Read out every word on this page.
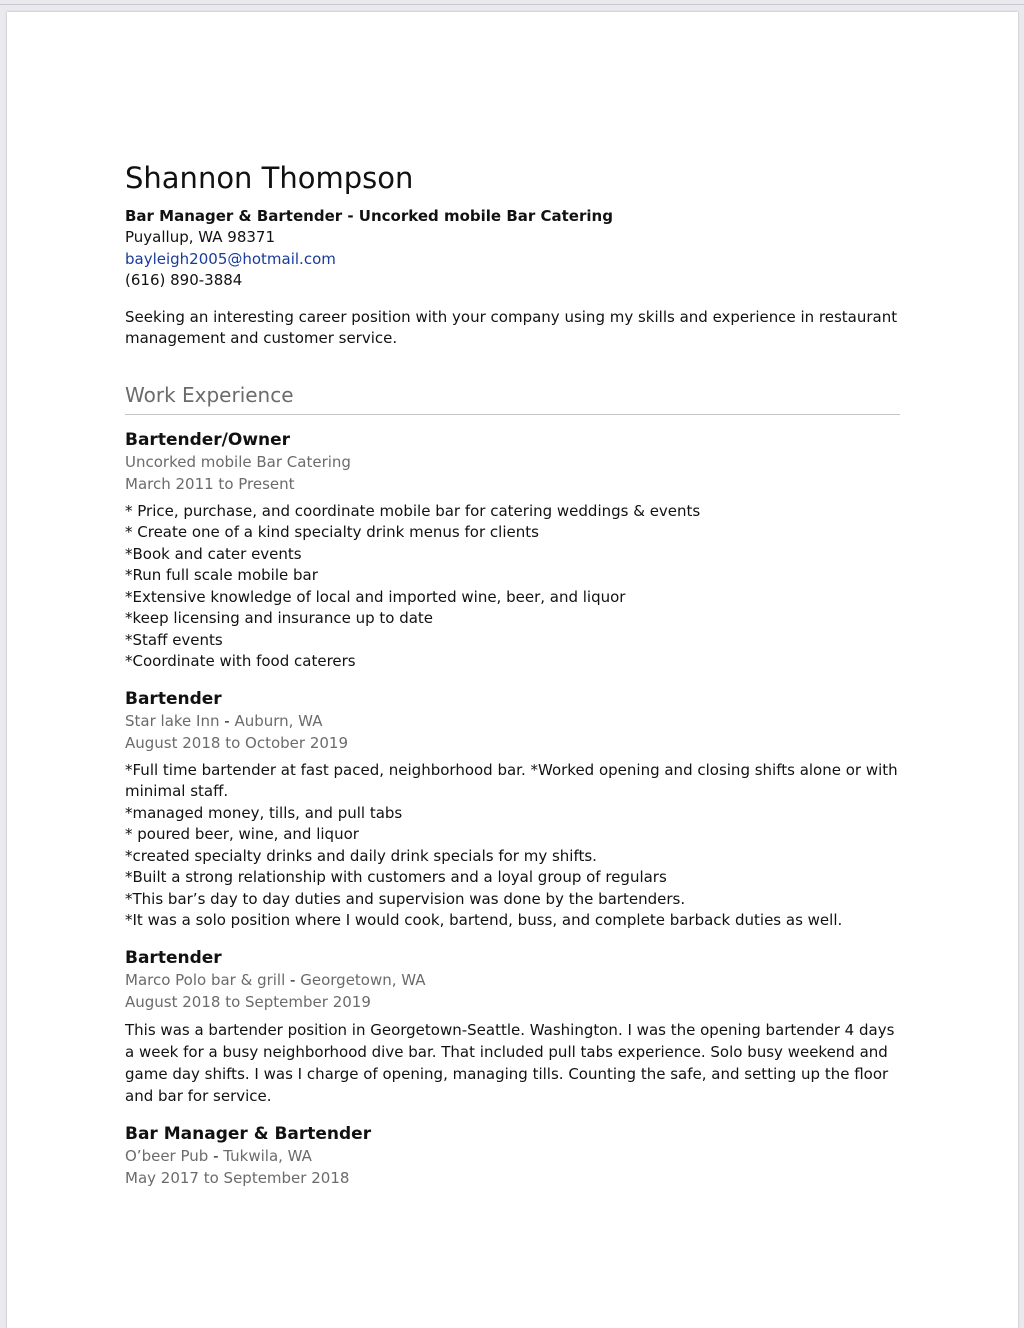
Shannon Thompson

Bar Manager & Bartender - Uncorked mobile Bar Catering

Puyallup, WA 98371

bayleigh2005@hotmail.com

(616) 890-3884

Seeking an interesting career position with your company using my skills and experience in restaurant management and customer service.

Work Experience

Bartender/Owner

Uncorked mobile Bar Catering

March 2011 to Present

* Price, purchase, and coordinate mobile bar for catering weddings & events

* Create one of a kind specialty drink menus for clients

*Book and cater events

*Run full scale mobile bar

*Extensive knowledge of local and imported wine, beer, and liquor

*keep licensing and insurance up to date

*Staff events

*Coordinate with food caterers

Bartender

Star lake Inn - Auburn, WA

August 2018 to October 2019

*Full time bartender at fast paced, neighborhood bar. *Worked opening and closing shifts alone or with

minimal staff.

*managed money, tills, and pull tabs

* poured beer, wine, and liquor

*created specialty drinks and daily drink specials for my shifts.

*Built a strong relationship with customers and a loyal group of regulars

*This bar’s day to day duties and supervision was done by the bartenders.

*It was a solo position where I would cook, bartend, buss, and complete barback duties as well.

Bartender

Marco Polo bar & grill - Georgetown, WA

August 2018 to September 2019

This was a bartender position in Georgetown-Seattle. Washington. I was the opening bartender 4 days a week for a busy neighborhood dive bar. That included pull tabs experience. Solo busy weekend and game day shifts. I was I charge of opening, managing tills. Counting the safe, and setting up the floor and bar for service.

Bar Manager & Bartender

O’beer Pub - Tukwila, WA

May 2017 to September 2018
